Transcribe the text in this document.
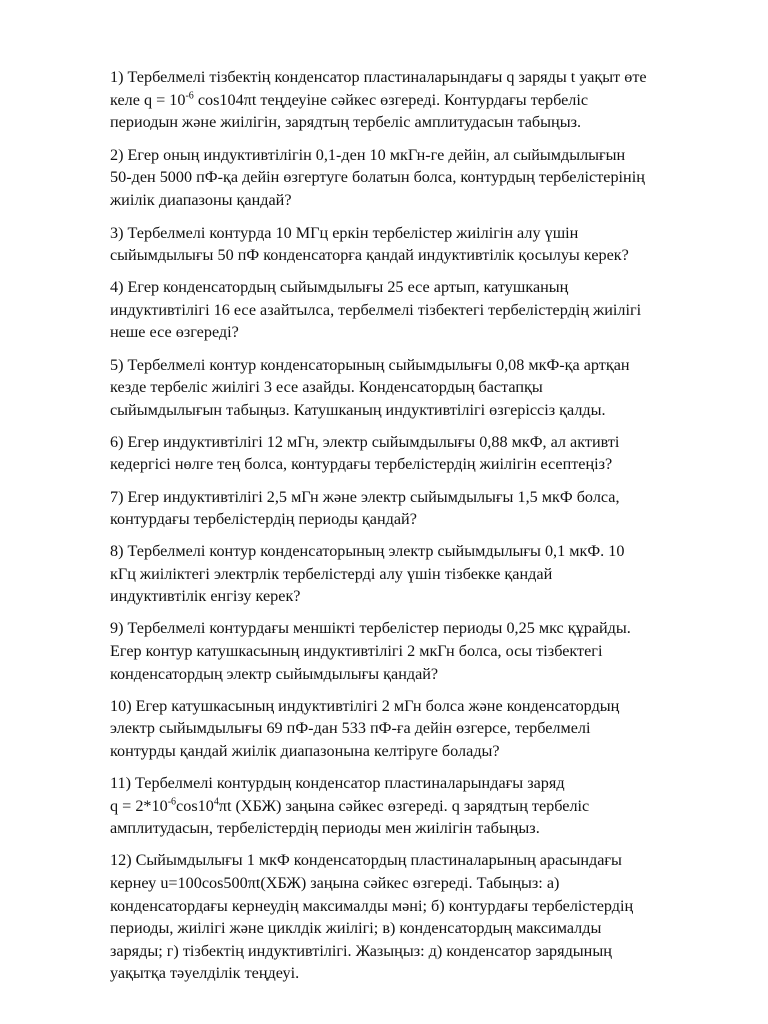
1) Тербелмелі тізбектің конденсатор пластиналарындағы q заряды t уақыт өте
келе $q = 10^{-6}$ cos104πt теңдеуіне сәйкес өзгереді. Контурдағы тербеліс
периодын және жиілігін, зарядтың тербеліс амплитудасын табыңыз.

2) Егер оның индуктивтілігін 0,1-ден 10 мкГн-ге дейін, ал сыйымдылығын
50-ден 5000 пФ-қа дейін өзгертуге болатын болса, контурдың тербелістерінің
жиілік диапазоны қандай?

3) Тербелмелі контурда 10 МГц еркін тербелістер жиілігін алу үшін
сыйымдылығы 50 пФ конденсаторға қандай индуктивтілік қосылуы керек?

4) Егер конденсатордың сыйымдылығы 25 есе артып, катушканың
индуктивтілігі 16 есе азайтылса, тербелмелі тізбектегі тербелістердің жиілігі
неше есе өзгереді?

5) Тербелмелі контур конденсаторының сыйымдылығы 0,08 мкФ-қа артқан
кезде тербеліс жиілігі 3 есе азайды. Конденсатордың бастапқы
сыйымдылығын табыңыз. Катушканың индуктивтілігі өзгеріссіз қалды.

6) Егер индуктивтілігі 12 мГн, электр сыйымдылығы 0,88 мкФ, ал активті
кедергісі нөлге тең болса, контурдағы тербелістердің жиілігін есептеңіз?

7) Егер индуктивтілігі 2,5 мГн және электр сыйымдылығы 1,5 мкФ болса,
контурдағы тербелістердің периоды қандай?

8) Тербелмелі контур конденсаторының электр сыйымдылығы 0,1 мкФ. 10
кГц жиіліктегі электрлік тербелістерді алу үшін тізбекке қандай
индуктивтілік енгізу керек?

9) Тербелмелі контурдағы меншікті тербелістер периоды 0,25 мкс құрайды.
Егер контур катушкасының индуктивтілігі 2 мкГн болса, осы тізбектегі
конденсатордың электр сыйымдылығы қандай?

10) Егер катушкасының индуктивтілігі 2 мГн болса және конденсатордың
электр сыйымдылығы 69 пФ-дан 533 пФ-ға дейін өзгерсе, тербелмелі
контурды қандай жиілік диапазонына келтіруге болады?

11) Тербелмелі контурдың конденсатор пластиналарындағы заряд
$q = 2*10^{-6}\cos 10^4\pi t$ (ХБЖ) заңына сәйкес өзгереді. q зарядтың тербеліс
амплитудасын, тербелістердің периоды мен жиілігін табыңыз.

12) Сыйымдылығы 1 мкФ конденсатордың пластиналарының арасындағы
кернеу u=100cos500πt(ХБЖ) заңына сәйкес өзгереді. Табыңыз: а)
конденсатордағы кернеудің максималды мәні; б) контурдағы тербелістердің
периоды, жиілігі және циклдік жиілігі; в) конденсатордың максималды
заряды; г) тізбектің индуктивтілігі. Жазыңыз: д) конденсатор зарядының
уақытқа тәуелділік теңдеуі.
